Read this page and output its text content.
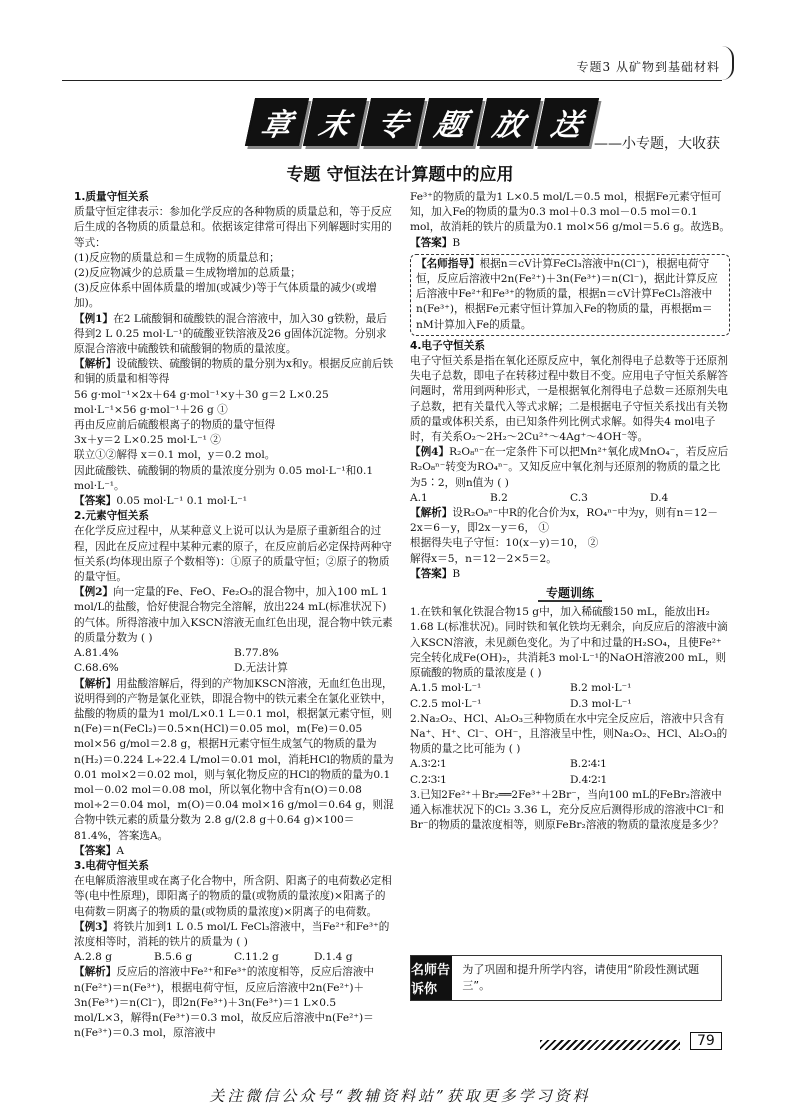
专题3 从矿物到基础材料
章 末 专 题 放 送
——小专题，大收获
专题 守恒法在计算题中的应用

1.质量守恒关系

质量守恒定律表示：参加化学反应的各种物质的质量总和，等于反应后生成的各物质的质量总和。依据该定律常可得出下列解题时实用的等式：

(1)反应物的质量总和＝生成物的质量总和；

(2)反应物减少的总质量＝生成物增加的总质量；

(3)反应体系中固体质量的增加(或减少)等于气体质量的减少(或增加)。

【例1】在2 L硫酸铜和硫酸铁的混合溶液中，加入30 g铁粉，最后得到2 L 0.25 mol·L⁻¹的硫酸亚铁溶液及26 g固体沉淀物。分别求原混合溶液中硫酸铁和硫酸铜的物质的量浓度。

【解析】设硫酸铁、硫酸铜的物质的量分别为x和y。根据反应前后铁和铜的质量和相等得

56 g·mol⁻¹×2x＋64 g·mol⁻¹×y＋30 g＝2 L×0.25 mol·L⁻¹×56 g·mol⁻¹＋26 g ①

再由反应前后硫酸根离子的物质的量守恒得

3x＋y＝2 L×0.25 mol·L⁻¹ ②

联立①②解得 x＝0.1 mol，y＝0.2 mol。

因此硫酸铁、硫酸铜的物质的量浓度分别为 0.05 mol·L⁻¹和0.1 mol·L⁻¹。

【答案】0.05 mol·L⁻¹ 0.1 mol·L⁻¹

2.元素守恒关系

在化学反应过程中，从某种意义上说可以认为是原子重新组合的过程，因此在反应过程中某种元素的原子，在反应前后必定保持两种守恒关系(均体现出原子个数相等)：①原子的质量守恒；②原子的物质的量守恒。

【例2】向一定量的Fe、FeO、Fe₂O₃的混合物中，加入100 mL 1 mol/L的盐酸，恰好使混合物完全溶解，放出224 mL(标准状况下)的气体。所得溶液中加入KSCN溶液无血红色出现，混合物中铁元素的质量分数为 ( )

A.81.4%	B.77.8%
C.68.6%	D.无法计算

【解析】用盐酸溶解后，得到的产物加KSCN溶液，无血红色出现，说明得到的产物是氯化亚铁，即混合物中的铁元素全在氯化亚铁中，盐酸的物质的量为1 mol/L×0.1 L＝0.1 mol，根据氯元素守恒，则n(Fe)＝n(FeCl₂)＝0.5×n(HCl)＝0.05 mol，m(Fe)＝0.05 mol×56 g/mol＝2.8 g，根据H元素守恒生成氢气的物质的量为n(H₂)＝0.224 L÷22.4 L/mol＝0.01 mol，消耗HCl的物质的量为0.01 mol×2＝0.02 mol，则与氧化物反应的HCl的物质的量为0.1 mol－0.02 mol＝0.08 mol，所以氧化物中含有n(O)＝0.08 mol÷2＝0.04 mol，m(O)＝0.04 mol×16 g/mol＝0.64 g，则混合物中铁元素的质量分数为 2.8 g/(2.8 g＋0.64 g)×100＝81.4%，答案选A。

【答案】A

3.电荷守恒关系

在电解质溶液里或在离子化合物中，所含阴、阳离子的电荷数必定相等(电中性原理)，即阳离子的物质的量(或物质的量浓度)×阳离子的电荷数＝阴离子的物质的量(或物质的量浓度)×阴离子的电荷数。

【例3】将铁片加到1 L 0.5 mol/L FeCl₃溶液中，当Fe²⁺和Fe³⁺的浓度相等时，消耗的铁片的质量为 ( )

A.2.8 g	B.5.6 g	C.11.2 g	D.1.4 g

【解析】反应后的溶液中Fe²⁺和Fe³⁺的浓度相等，反应后溶液中n(Fe²⁺)＝n(Fe³⁺)，根据电荷守恒，反应后溶液中2n(Fe²⁺)＋3n(Fe³⁺)＝n(Cl⁻)，即2n(Fe³⁺)＋3n(Fe³⁺)＝1 L×0.5 mol/L×3，解得n(Fe³⁺)＝0.3 mol，故反应后溶液中n(Fe²⁺)＝n(Fe³⁺)＝0.3 mol，原溶液中

Fe³⁺的物质的量为1 L×0.5 mol/L＝0.5 mol，根据Fe元素守恒可知，加入Fe的物质的量为0.3 mol＋0.3 mol－0.5 mol＝0.1 mol，故消耗的铁片的质量为0.1 mol×56 g/mol＝5.6 g。故选B。

【答案】B

【名师指导】根据n＝cV计算FeCl₃溶液中n(Cl⁻)，根据电荷守恒，反应后溶液中2n(Fe²⁺)＋3n(Fe³⁺)＝n(Cl⁻)，据此计算反应后溶液中Fe²⁺和Fe³⁺的物质的量，根据n＝cV计算FeCl₃溶液中n(Fe³⁺)，根据Fe元素守恒计算加入Fe的物质的量，再根据m＝nM计算加入Fe的质量。

4.电子守恒关系

电子守恒关系是指在氧化还原反应中，氧化剂得电子总数等于还原剂失电子总数，即电子在转移过程中数目不变。应用电子守恒关系解答问题时，常用到两种形式，一是根据氧化剂得电子总数＝还原剂失电子总数，把有关量代入等式求解；二是根据电子守恒关系找出有关物质的量或体积关系，由已知条件列比例式求解。如得失4 mol电子时，有关系O₂～2H₂～2Cu²⁺～4Ag⁺～4OH⁻等。

【例4】R₂O₈ⁿ⁻在一定条件下可以把Mn²⁺氧化成MnO₄⁻，若反应后R₂O₈ⁿ⁻转变为RO₄ⁿ⁻。又知反应中氧化剂与还原剂的物质的量之比为5∶2，则n值为 ( )

A.1	B.2	C.3	D.4

【解析】设R₂O₈ⁿ⁻中R的化合价为x，RO₄ⁿ⁻中为y，则有n＝12－2x＝6－y，即2x－y＝6， ①

根据得失电子守恒：10(x－y)＝10， ②

解得x＝5，n＝12－2×5＝2。

【答案】B

专题训练

1.在铁和氧化铁混合物15 g中，加入稀硫酸150 mL，能放出H₂ 1.68 L(标准状况)。同时铁和氧化铁均无剩余，向反应后的溶液中滴入KSCN溶液，未见颜色变化。为了中和过量的H₂SO₄，且使Fe²⁺完全转化成Fe(OH)₂，共消耗3 mol·L⁻¹的NaOH溶液200 mL，则原硫酸的物质的量浓度是 ( )

A.1.5 mol·L⁻¹	B.2 mol·L⁻¹
C.2.5 mol·L⁻¹	D.3 mol·L⁻¹

2.Na₂O₂、HCl、Al₂O₃三种物质在水中完全反应后，溶液中只含有Na⁺、H⁺、Cl⁻、OH⁻，且溶液呈中性，则Na₂O₂、HCl、Al₂O₃的物质的量之比可能为 ( )

A.3∶2∶1	B.2∶4∶1
C.2∶3∶1	D.4∶2∶1

3.已知2Fe²⁺＋Br₂══2Fe³⁺＋2Br⁻，当向100 mL的FeBr₂溶液中通入标准状况下的Cl₂ 3.36 L，充分反应后测得形成的溶液中Cl⁻和Br⁻的物质的量浓度相等，则原FeBr₂溶液的物质的量浓度是多少？

名师告诉你
为了巩固和提升所学内容，请使用“阶段性测试题三”。
79
关注微信公众号“教辅资料站”获取更多学习资料
